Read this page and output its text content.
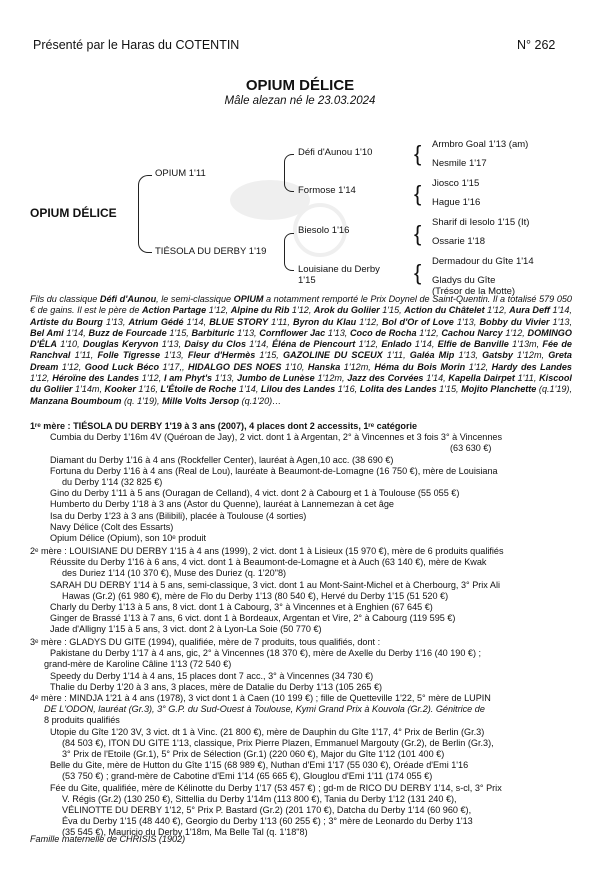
Présenté par le Haras du COTENTIN	N° 262
OPIUM DÉLICE
Mâle alezan né le 23.03.2024
OPIUM DÉLICE
OPIUM 1'11
TIÉSOLA DU DERBY 1'19
Défi d'Aunou 1'10
Formose 1'14
Biesolo 1'16
Louisiane du Derby
1'15
{
{
{
{
Armbro Goal 1'13 (am)
Nesmile 1'17
Jiosco 1'15
Hague 1'16
Sharif di Iesolo 1'15 (It)
Ossarie 1'18
Dermadour du Gîte 1'14
Gladys du Gîte
(Trésor de la Motte)
Fils du classique Défi d'Aunou, le semi-classique OPIUM a notamment remporté le Prix Doynel de Saint-Quentin. Il a totalisé 579 050 € de gains. Il est le père de Action Partage 1'12, Alpine du Rib 1'12, Arok du Goliier 1'15, Action du Châtelet 1'12, Aura Deff 1'14, Artiste du Bourg 1'13, Atrium Gédé 1'14, BLUE STORY 1'11, Byron du Klau 1'12, Bol d'Or of Love 1'13, Bobby du Vivier 1'13, Bel Ami 1'14, Buzz de Fourcade 1'15, Barbituric 1'13, Cornflower Jac 1'13, Coco de Rocha 1'12, Cachou Narcy 1'12, DOMINGO D'ÉLA 1'10, Douglas Keryvon 1'13, Daisy du Clos 1'14, Éléna de Piencourt 1'12, Enlado 1'14, Elfie de Banville 1'13m, Fée de Ranchval 1'11, Folle Tigresse 1'13, Fleur d'Hermès 1'15, GAZOLINE DU SCEUX 1'11, Galéa Mip 1'13, Gatsby 1'12m, Greta Dream 1'12, Good Luck Béco 1'17,, HIDALGO DES NOES 1'10, Hanska 1'12m, Héma du Bois Morin 1'12, Hardy des Landes 1'12, Héroïne des Landes 1'12, I am Phyt's 1'13, Jumbo de Lunèse 1'12m, Jazz des Corvées 1'14, Kapella Dairpet 1'11, Kiscool du Goliier 1'14m, Kooker 1'16, L'Étoile de Roche 1'14, Lilou des Landes 1'16, Lolita des Landes 1'15, Mojito Planchette (q.1'19), Manzana Boumboum (q. 1'19), Mille Volts Jersop (q.1'20)…
1ʳᵉ mère : TIÉSOLA DU DERBY 1'19 à 3 ans (2007), 4 places dont 2 accessits, 1ʳᵉ catégorie
Cumbia du Derby 1'16m 4V (Quéroan de Jay), 2 vict. dont 1 à Argentan, 2° à Vincennes et 3 fois 3° à Vincennes
(63 630 €)
Diamant du Derby 1'16 à 4 ans (Rockfeller Center), lauréat à Agen,10 acc. (38 690 €)
Fortuna du Derby 1'16 à 4 ans (Real de Lou), lauréate à Beaumont-de-Lomagne (16 750 €), mère de Louisiana
du Derby 1'14 (32 825 €)
Gino du Derby 1'11 à 5 ans (Ouragan de Celland), 4 vict. dont 2 à Cabourg et 1 à Toulouse (55 055 €)
Humberto du Derby 1'18 à 3 ans (Astor du Quenne), lauréat à Lannemezan à cet âge
Isa du Derby 1'23 à 3 ans (Bilibili), placée à Toulouse (4 sorties)
Navy Délice (Colt des Essarts)
Opium Délice (Opium), son 10ᵉ produit
2ᵉ mère : LOUISIANE DU DERBY 1'15 à 4 ans (1999), 2 vict. dont 1 à Lisieux (15 970 €), mère de 6 produits qualifiés
Réussite du Derby 1'16 à 6 ans, 4 vict. dont 1 à Beaumont-de-Lomagne et à Auch (63 140 €), mère de Kwak
des Duriez 1'14 (10 370 €), Muse des Duriez (q. 1'20"8)
SARAH DU DERBY 1'14 à 5 ans, semi-classique, 3 vict. dont 1 au Mont-Saint-Michel et à Cherbourg, 3° Prix Ali
Hawas (Gr.2) (61 980 €), mère de Flo du Derby 1'13 (80 540 €), Hervé du Derby 1'15 (51 520 €)
Charly du Derby 1'13 à 5 ans, 8 vict. dont 1 à Cabourg, 3° à Vincennes et à Enghien (67 645 €)
Ginger de Brassé 1'13 à 7 ans, 6 vict. dont 1 à Bordeaux, Argentan et Vire, 2° à Cabourg (119 595 €)
Jade d'Alligny 1'15 à 5 ans, 3 vict. dont 2 à Lyon-La Soie (50 770 €)
3ᵉ mère : GLADYS DU GITE (1994), qualifiée, mère de 7 produits, tous qualifiés, dont :
Pakistane du Derby 1'17 à 4 ans, gic, 2° à Vincennes (18 370 €), mère de Axelle du Derby 1'16 (40 190 €) ;
grand-mère de Karoline Câline 1'13 (72 540 €)
Speedy du Derby 1'14 à 4 ans, 15 places dont 7 acc., 3° à Vincennes (34 730 €)
Thalie du Derby 1'20 à 3 ans, 3 places, mère de Datalie du Derby 1'13 (105 265 €)
4ᵉ mère : MINDJA 1'21 à 4 ans (1978), 3 vict dont 1 à Caen (10 199 €) ; fille de Quetteville 1'22, 5° mère de LUPIN
DE L'ODON, lauréat (Gr.3), 3° G.P. du Sud-Ouest à Toulouse, Kymi Grand Prix à Kouvola (Gr.2). Génitrice de
8 produits qualifiés
Utopie du Gîte 1'20 3V, 3 vict. dt 1 à Vinc. (21 800 €), mère de Dauphin du Gîte 1'17, 4° Prix de Berlin (Gr.3)
(84 503 €), ITON DU GITE 1'13, classique, Prix Pierre Plazen, Emmanuel Margouty (Gr.2), de Berlin (Gr.3),
3° Prix de l'Etoile (Gr.1), 5° Prix de Sélection (Gr.1) (220 060 €), Major du Gîte 1'12 (101 400 €)
Belle du Gite, mère de Hutton du Gîte 1'15 (68 989 €), Nuthan d'Emi 1'17 (55 030 €), Oréade d'Emi 1'16
(53 750 €) ; grand-mère de Cabotine d'Emi 1'14 (65 665 €), Glouglou d'Emi 1'11 (174 055 €)
Fée du Gite, qualifiée, mère de Kélinotte du Derby 1'17 (53 457 €) ; gd-m de RICO DU DERBY 1'14, s-cl, 3° Prix
V. Régis (Gr.2) (130 250 €), Sittellia du Derby 1'14m (113 800 €), Tania du Derby 1'12 (131 240 €),
VÉLINOTTE DU DERBY 1'12, 5° Prix P. Bastard (Gr.2) (201 170 €), Datcha du Derby 1'14 (60 960 €),
Éva du Derby 1'15 (48 440 €), Georgio du Derby 1'13 (60 255 €) ; 3° mère de Leonardo du Derby 1'13
(35 545 €), Mauricio du Derby 1'18m, Ma Belle Tal (q. 1'18"8)
Famille maternelle de CHRISIS (1902)
